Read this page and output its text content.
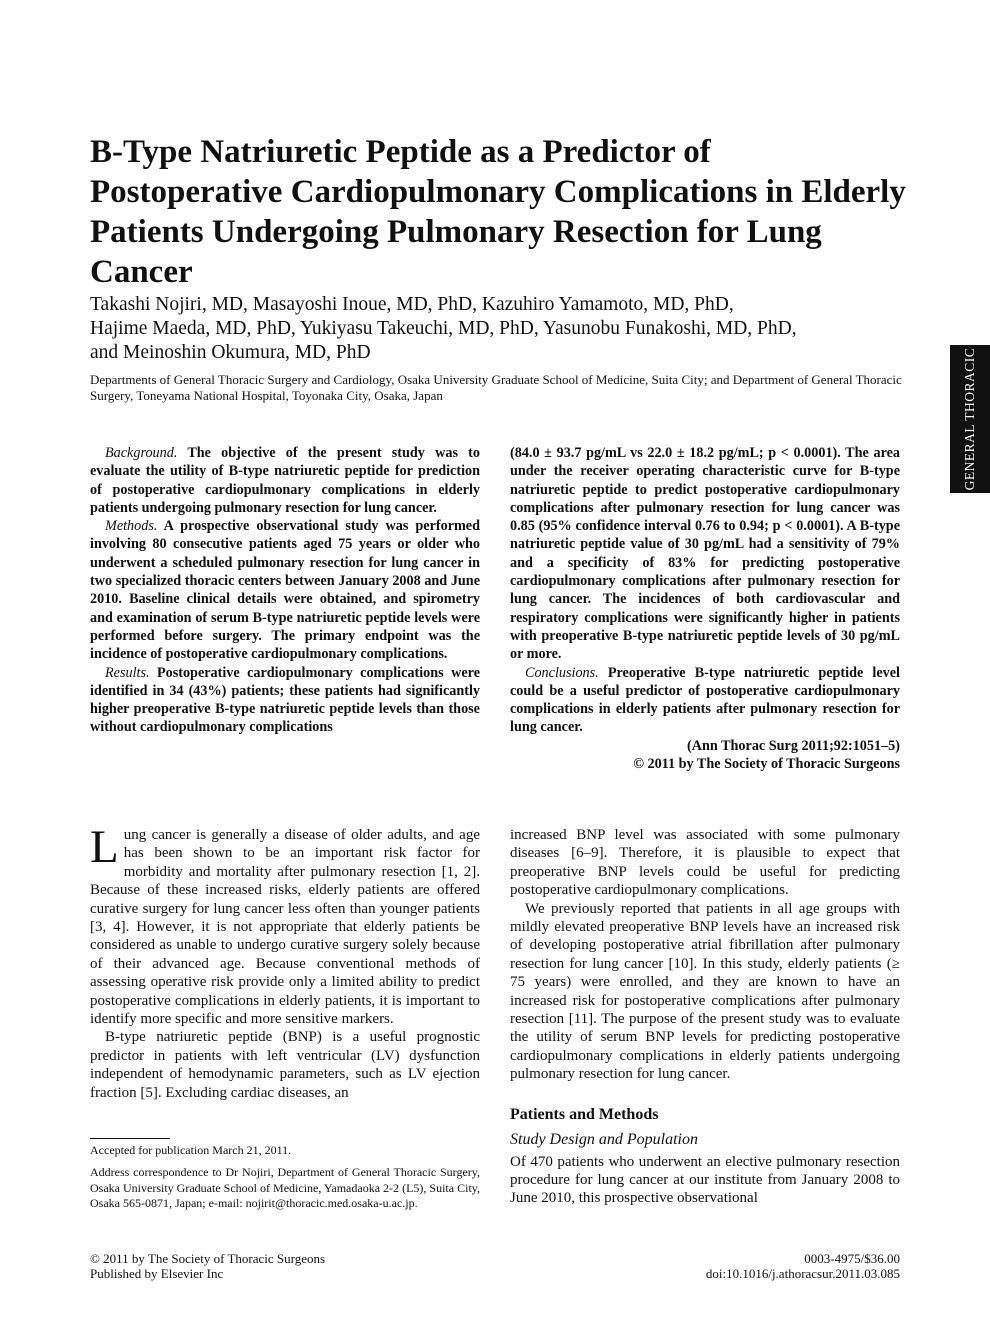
B-Type Natriuretic Peptide as a Predictor of Postoperative Cardiopulmonary Complications in Elderly Patients Undergoing Pulmonary Resection for Lung Cancer
Takashi Nojiri, MD, Masayoshi Inoue, MD, PhD, Kazuhiro Yamamoto, MD, PhD,
Hajime Maeda, MD, PhD, Yukiyasu Takeuchi, MD, PhD, Yasunobu Funakoshi, MD, PhD,
and Meinoshin Okumura, MD, PhD

Departments of General Thoracic Surgery and Cardiology, Osaka University Graduate School of Medicine, Suita City; and Department of General Thoracic Surgery, Toneyama National Hospital, Toyonaka City, Osaka, Japan	GENERAL THORACIC

Background. The objective of the present study was to evaluate the utility of B-type natriuretic peptide for prediction of postoperative cardiopulmonary complications in elderly patients undergoing pulmonary resection for lung cancer.

Methods. A prospective observational study was performed involving 80 consecutive patients aged 75 years or older who underwent a scheduled pulmonary resection for lung cancer in two specialized thoracic centers between January 2008 and June 2010. Baseline clinical details were obtained, and spirometry and examination of serum B-type natriuretic peptide levels were performed before surgery. The primary endpoint was the incidence of postoperative cardiopulmonary complications.

Results. Postoperative cardiopulmonary complications were identified in 34 (43%) patients; these patients had significantly higher preoperative B-type natriuretic peptide levels than those without cardiopulmonary complications

(84.0 ± 93.7 pg/mL vs 22.0 ± 18.2 pg/mL; p < 0.0001). The area under the receiver operating characteristic curve for B-type natriuretic peptide to predict postoperative cardiopulmonary complications after pulmonary resection for lung cancer was 0.85 (95% confidence interval 0.76 to 0.94; p < 0.0001). A B-type natriuretic peptide value of 30 pg/mL had a sensitivity of 79% and a specificity of 83% for predicting postoperative cardiopulmonary complications after pulmonary resection for lung cancer. The incidences of both cardiovascular and respiratory complications were significantly higher in patients with preoperative B-type natriuretic peptide levels of 30 pg/mL or more.

Conclusions. Preoperative B-type natriuretic peptide level could be a useful predictor of postoperative cardiopulmonary complications in elderly patients after pulmonary resection for lung cancer.

(Ann Thorac Surg 2011;92:1051–5)

© 2011 by The Society of Thoracic Surgeons

Lung cancer is generally a disease of older adults, and age has been shown to be an important risk factor for morbidity and mortality after pulmonary resection [1, 2]. Because of these increased risks, elderly patients are offered curative surgery for lung cancer less often than younger patients [3, 4]. However, it is not appropriate that elderly patients be considered as unable to undergo curative surgery solely because of their advanced age. Because conventional methods of assessing operative risk provide only a limited ability to predict postoperative complications in elderly patients, it is important to identify more specific and more sensitive markers.

B-type natriuretic peptide (BNP) is a useful prognostic predictor in patients with left ventricular (LV) dysfunction independent of hemodynamic parameters, such as LV ejection fraction [5]. Excluding cardiac diseases, an

increased BNP level was associated with some pulmonary diseases [6–9]. Therefore, it is plausible to expect that preoperative BNP levels could be useful for predicting postoperative cardiopulmonary complications.

We previously reported that patients in all age groups with mildly elevated preoperative BNP levels have an increased risk of developing postoperative atrial fibrillation after pulmonary resection for lung cancer [10]. In this study, elderly patients (≥ 75 years) were enrolled, and they are known to have an increased risk for postoperative complications after pulmonary resection [11]. The purpose of the present study was to evaluate the utility of serum BNP levels for predicting postoperative cardiopulmonary complications in elderly patients undergoing pulmonary resection for lung cancer.

Patients and Methods
Study Design and Population

Of 470 patients who underwent an elective pulmonary resection procedure for lung cancer at our institute from January 2008 to June 2010, this prospective observational

Accepted for publication March 21, 2011.

Address correspondence to Dr Nojiri, Department of General Thoracic Surgery, Osaka University Graduate School of Medicine, Yamadaoka 2-2 (L5), Suita City, Osaka 565-0871, Japan; e-mail: nojirit@thoracic.med.osaka-u.ac.jp.

© 2011 by The Society of Thoracic Surgeons
Published by Elsevier Inc
0003-4975/$36.00
doi:10.1016/j.athoracsur.2011.03.085
